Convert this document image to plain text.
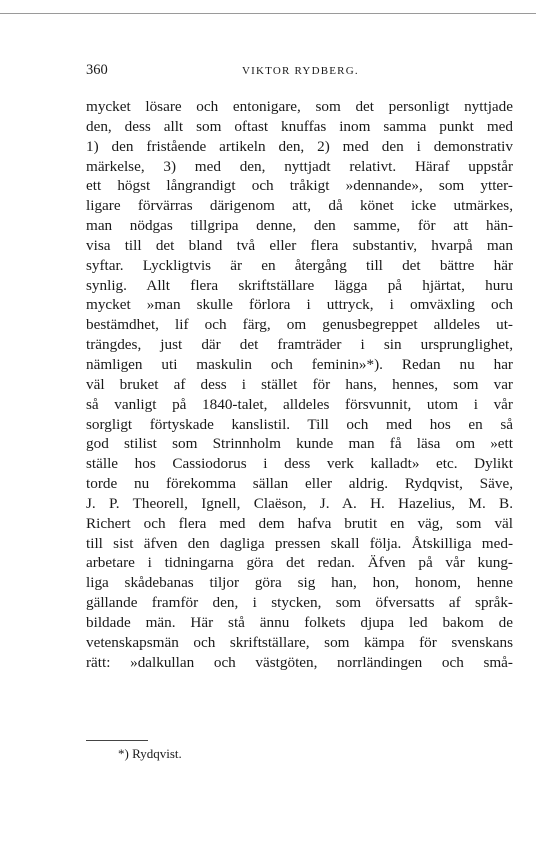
360	VIKTOR RYDBERG.
mycket lösare och entonigare, som det personligt nyttjade
den, dess allt som oftast knuffas inom samma punkt med
1) den fristående artikeln den, 2) med den i demonstrativ
märkelse, 3) med den, nyttjadt relativt. Häraf uppstår
ett högst långrandigt och tråkigt »dennande», som ytter-
ligare förvärras därigenom att, då könet icke utmärkes,
man nödgas tillgripa denne, den samme, för att hän-
visa till det bland två eller flera substantiv, hvarpå man
syftar. Lyckligtvis är en återgång till det bättre här
synlig. Allt flera skriftställare lägga på hjärtat, huru
mycket »man skulle förlora i uttryck, i omväxling och
bestämdhet, lif och färg, om genusbegreppet alldeles ut-
trängdes, just där det framträder i sin ursprunglighet,
nämligen uti maskulin och feminin»*). Redan nu har
väl bruket af dess i stället för hans, hennes, som var
så vanligt på 1840-talet, alldeles försvunnit, utom i vår
sorgligt förtyskade kanslistil. Till och med hos en så
god stilist som Strinnholm kunde man få läsa om »ett
ställe hos Cassiodorus i dess verk kalladt» etc. Dylikt
torde nu förekomma sällan eller aldrig. Rydqvist, Säve,
J. P. Theorell, Ignell, Claëson, J. A. H. Hazelius, M. B.
Richert och flera med dem hafva brutit en väg, som väl
till sist äfven den dagliga pressen skall följa. Åtskilliga med-
arbetare i tidningarna göra det redan. Äfven på vår kung-
liga skådebanas tiljor göra sig han, hon, honom, henne
gällande framför den, i stycken, som öfversatts af språk-
bildade män. Här stå ännu folkets djupa led bakom de
vetenskapsmän och skriftställare, som kämpa för svenskans
rätt: »dalkullan och västgöten, norrländingen och små-
*) Rydqvist.
